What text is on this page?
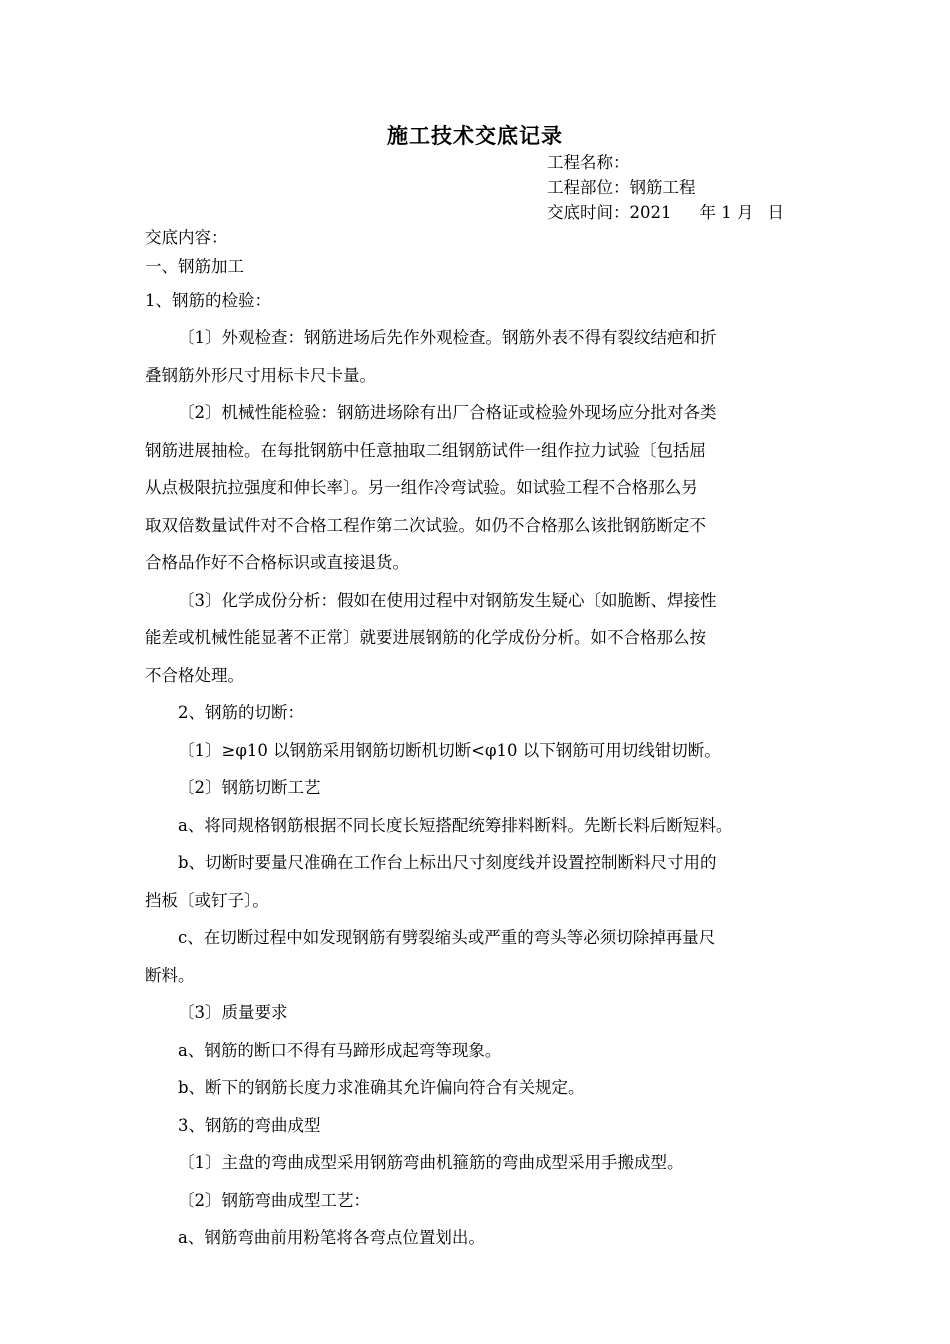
施工技术交底记录
工程名称：
工程部位：钢筋工程
交底时间：2021 年 1 月 日

交底内容：

一、钢筋加工

1、钢筋的检验：

〔1〕外观检查：钢筋进场后先作外观检查。钢筋外表不得有裂纹结疤和折
叠钢筋外形尺寸用标卡尺卡量。

〔2〕机械性能检验：钢筋进场除有出厂合格证或检验外现场应分批对各类
钢筋进展抽检。在每批钢筋中任意抽取二组钢筋试件一组作拉力试验〔包括屈
从点极限抗拉强度和伸长率〕。另一组作冷弯试验。如试验工程不合格那么另
取双倍数量试件对不合格工程作第二次试验。如仍不合格那么该批钢筋断定不
合格品作好不合格标识或直接退货。

〔3〕化学成份分析：假如在使用过程中对钢筋发生疑心〔如脆断、焊接性
能差或机械性能显著不正常〕就要进展钢筋的化学成份分析。如不合格那么按
不合格处理。

2、钢筋的切断：

〔1〕≥φ10 以钢筋采用钢筋切断机切断<φ10 以下钢筋可用切线钳切断。

〔2〕钢筋切断工艺

a、将同规格钢筋根据不同长度长短搭配统筹排料断料。先断长料后断短料。

b、切断时要量尺准确在工作台上标出尺寸刻度线并设置控制断料尺寸用的
挡板〔或钉子〕。

c、在切断过程中如发现钢筋有劈裂缩头或严重的弯头等必须切除掉再量尺
断料。

〔3〕质量要求

a、钢筋的断口不得有马蹄形成起弯等现象。

b、断下的钢筋长度力求准确其允许偏向符合有关规定。

3、钢筋的弯曲成型

〔1〕主盘的弯曲成型采用钢筋弯曲机箍筋的弯曲成型采用手搬成型。

〔2〕钢筋弯曲成型工艺：

a、钢筋弯曲前用粉笔将各弯点位置划出。
